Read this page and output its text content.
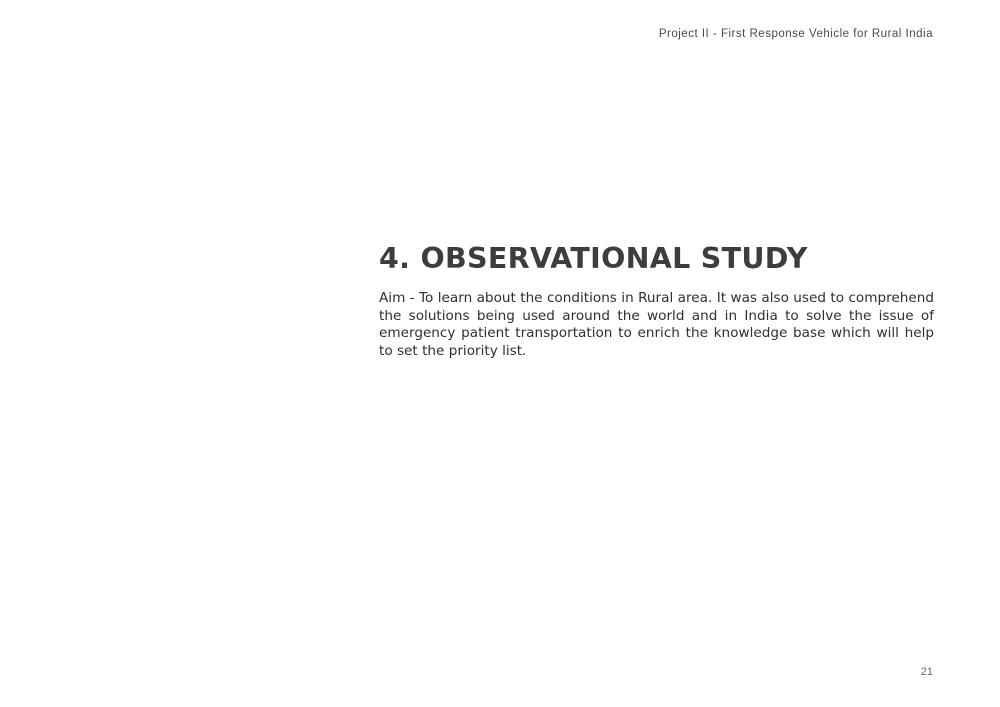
Project II - First Response Vehicle for Rural India
4. OBSERVATIONAL STUDY

Aim - To learn about the conditions in Rural area. It was also used to comprehend the solutions being used around the world and in India to solve the issue of emergency patient transportation to enrich the knowledge base which will help to set the priority list.

21
